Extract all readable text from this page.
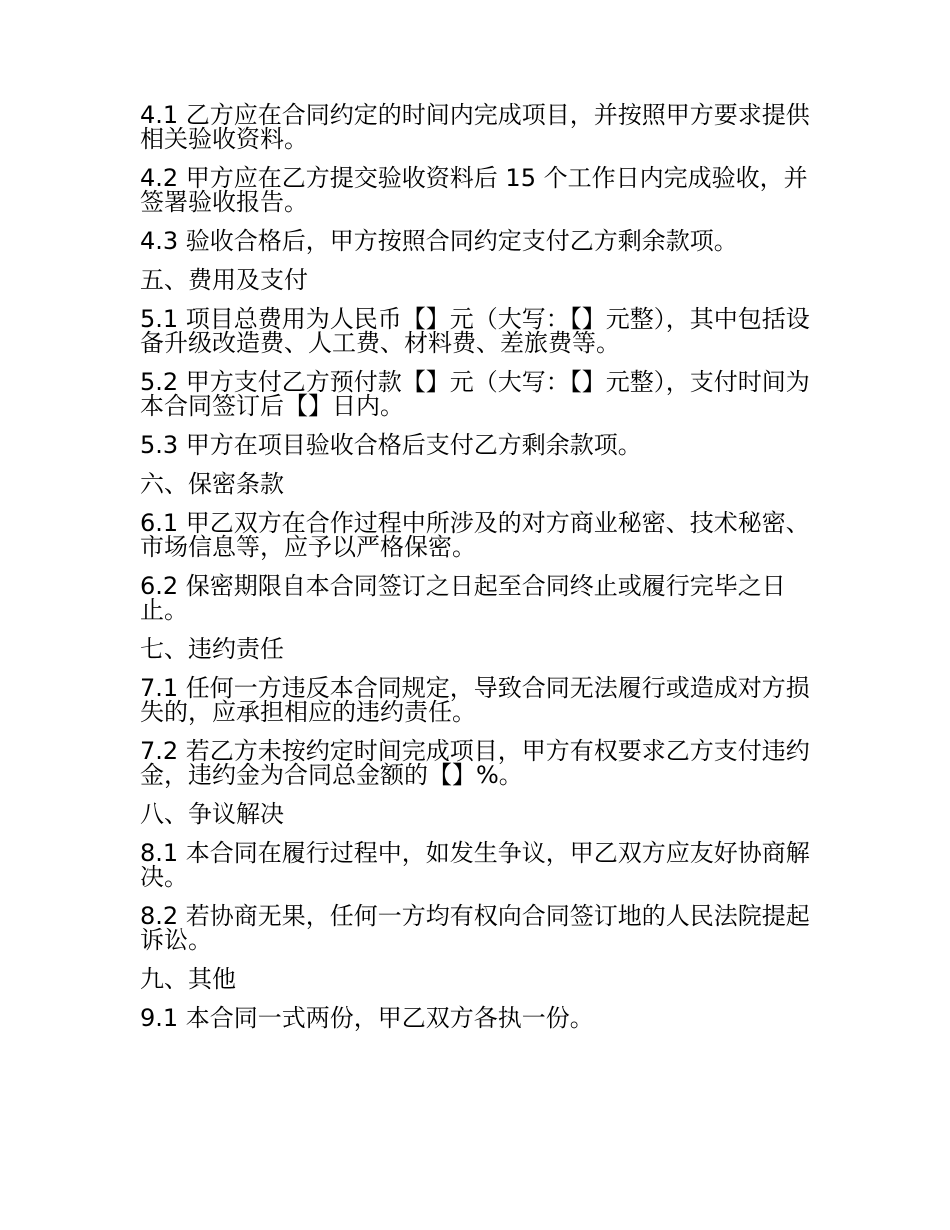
4.1 乙方应在合同约定的时间内完成项目，并按照甲方要求提供相关验收资料。

4.2 甲方应在乙方提交验收资料后 15 个工作日内完成验收，并签署验收报告。

4.3 验收合格后，甲方按照合同约定支付乙方剩余款项。

五、费用及支付

5.1 项目总费用为人民币【】元（大写：【】元整），其中包括设备升级改造费、人工费、材料费、差旅费等。

5.2 甲方支付乙方预付款【】元（大写：【】元整），支付时间为本合同签订后【】日内。

5.3 甲方在项目验收合格后支付乙方剩余款项。

六、保密条款

6.1 甲乙双方在合作过程中所涉及的对方商业秘密、技术秘密、市场信息等，应予以严格保密。

6.2 保密期限自本合同签订之日起至合同终止或履行完毕之日止。

七、违约责任

7.1 任何一方违反本合同规定，导致合同无法履行或造成对方损失的，应承担相应的违约责任。

7.2 若乙方未按约定时间完成项目，甲方有权要求乙方支付违约金，违约金为合同总金额的【】%。

八、争议解决

8.1 本合同在履行过程中，如发生争议，甲乙双方应友好协商解决。

8.2 若协商无果，任何一方均有权向合同签订地的人民法院提起诉讼。

九、其他

9.1 本合同一式两份，甲乙双方各执一份。
